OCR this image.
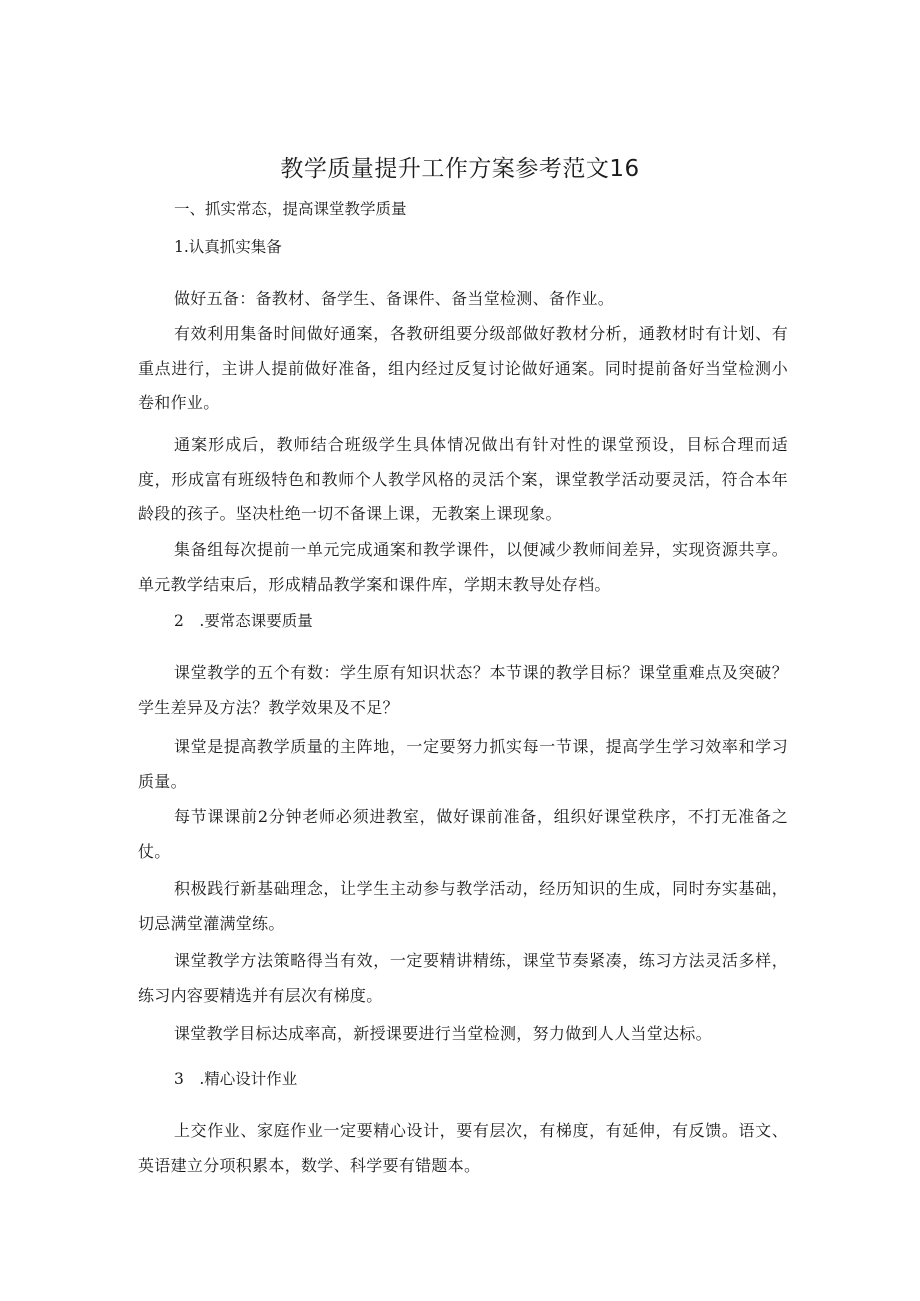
教学质量提升工作方案参考范文16

一、抓实常态，提高课堂教学质量

1.认真抓实集备

做好五备：备教材、备学生、备课件、备当堂检测、备作业。

有效利用集备时间做好通案，各教研组要分级部做好教材分析，通教材时有计划、有重点进行，主讲人提前做好准备，组内经过反复讨论做好通案。同时提前备好当堂检测小卷和作业。

通案形成后，教师结合班级学生具体情况做出有针对性的课堂预设，目标合理而适度，形成富有班级特色和教师个人教学风格的灵活个案，课堂教学活动要灵活，符合本年龄段的孩子。坚决杜绝一切不备课上课，无教案上课现象。

集备组每次提前一单元完成通案和教学课件，以便减少教师间差异，实现资源共享。单元教学结束后，形成精品教学案和课件库，学期末教导处存档。

2　.要常态课要质量

课堂教学的五个有数：学生原有知识状态？本节课的教学目标？课堂重难点及突破？学生差异及方法？教学效果及不足？

课堂是提高教学质量的主阵地，一定要努力抓实每一节课，提高学生学习效率和学习质量。

每节课课前2分钟老师必须进教室，做好课前准备，组织好课堂秩序，不打无准备之仗。

积极践行新基础理念，让学生主动参与教学活动，经历知识的生成，同时夯实基础，切忌满堂灌满堂练。

课堂教学方法策略得当有效，一定要精讲精练，课堂节奏紧凑，练习方法灵活多样，练习内容要精选并有层次有梯度。

课堂教学目标达成率高，新授课要进行当堂检测，努力做到人人当堂达标。

3　.精心设计作业

上交作业、家庭作业一定要精心设计，要有层次，有梯度，有延伸，有反馈。语文、英语建立分项积累本，数学、科学要有错题本。
